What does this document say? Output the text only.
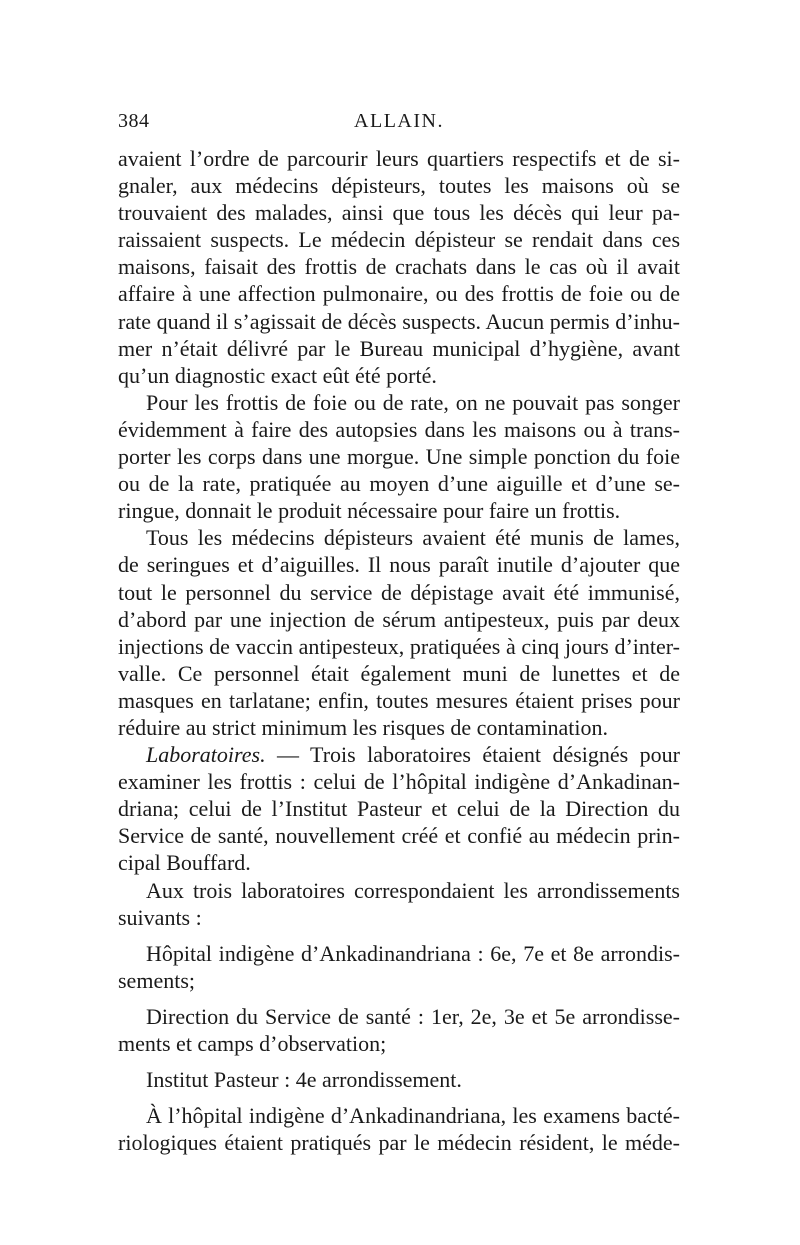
384	ALLAIN.
avaient l’ordre de parcourir leurs quartiers respectifs et de si-
gnaler, aux médecins dépisteurs, toutes les maisons où se
trouvaient des malades, ainsi que tous les décès qui leur pa-
raissaient suspects. Le médecin dépisteur se rendait dans ces
maisons, faisait des frottis de crachats dans le cas où il avait
affaire à une affection pulmonaire, ou des frottis de foie ou de
rate quand il s’agissait de décès suspects. Aucun permis d’inhu-
mer n’était délivré par le Bureau municipal d’hygiène, avant
qu’un diagnostic exact eût été porté.
Pour les frottis de foie ou de rate, on ne pouvait pas songer
évidemment à faire des autopsies dans les maisons ou à trans-
porter les corps dans une morgue. Une simple ponction du foie
ou de la rate, pratiquée au moyen d’une aiguille et d’une se-
ringue, donnait le produit nécessaire pour faire un frottis.
Tous les médecins dépisteurs avaient été munis de lames,
de seringues et d’aiguilles. Il nous paraît inutile d’ajouter que
tout le personnel du service de dépistage avait été immunisé,
d’abord par une injection de sérum antipesteux, puis par deux
injections de vaccin antipesteux, pratiquées à cinq jours d’inter-
valle. Ce personnel était également muni de lunettes et de
masques en tarlatane; enfin, toutes mesures étaient prises pour
réduire au strict minimum les risques de contamination.
Laboratoires. — Trois laboratoires étaient désignés pour
examiner les frottis : celui de l’hôpital indigène d’Ankadinan-
driana; celui de l’Institut Pasteur et celui de la Direction du
Service de santé, nouvellement créé et confié au médecin prin-
cipal Bouffard.
Aux trois laboratoires correspondaient les arrondissements
suivants :
Hôpital indigène d’Ankadinandriana : 6e, 7e et 8e arrondis-
sements;
Direction du Service de santé : 1er, 2e, 3e et 5e arrondisse-
ments et camps d’observation;
Institut Pasteur : 4e arrondissement.
À l’hôpital indigène d’Ankadinandriana, les examens bacté-
riologiques étaient pratiqués par le médecin résident, le méde-
